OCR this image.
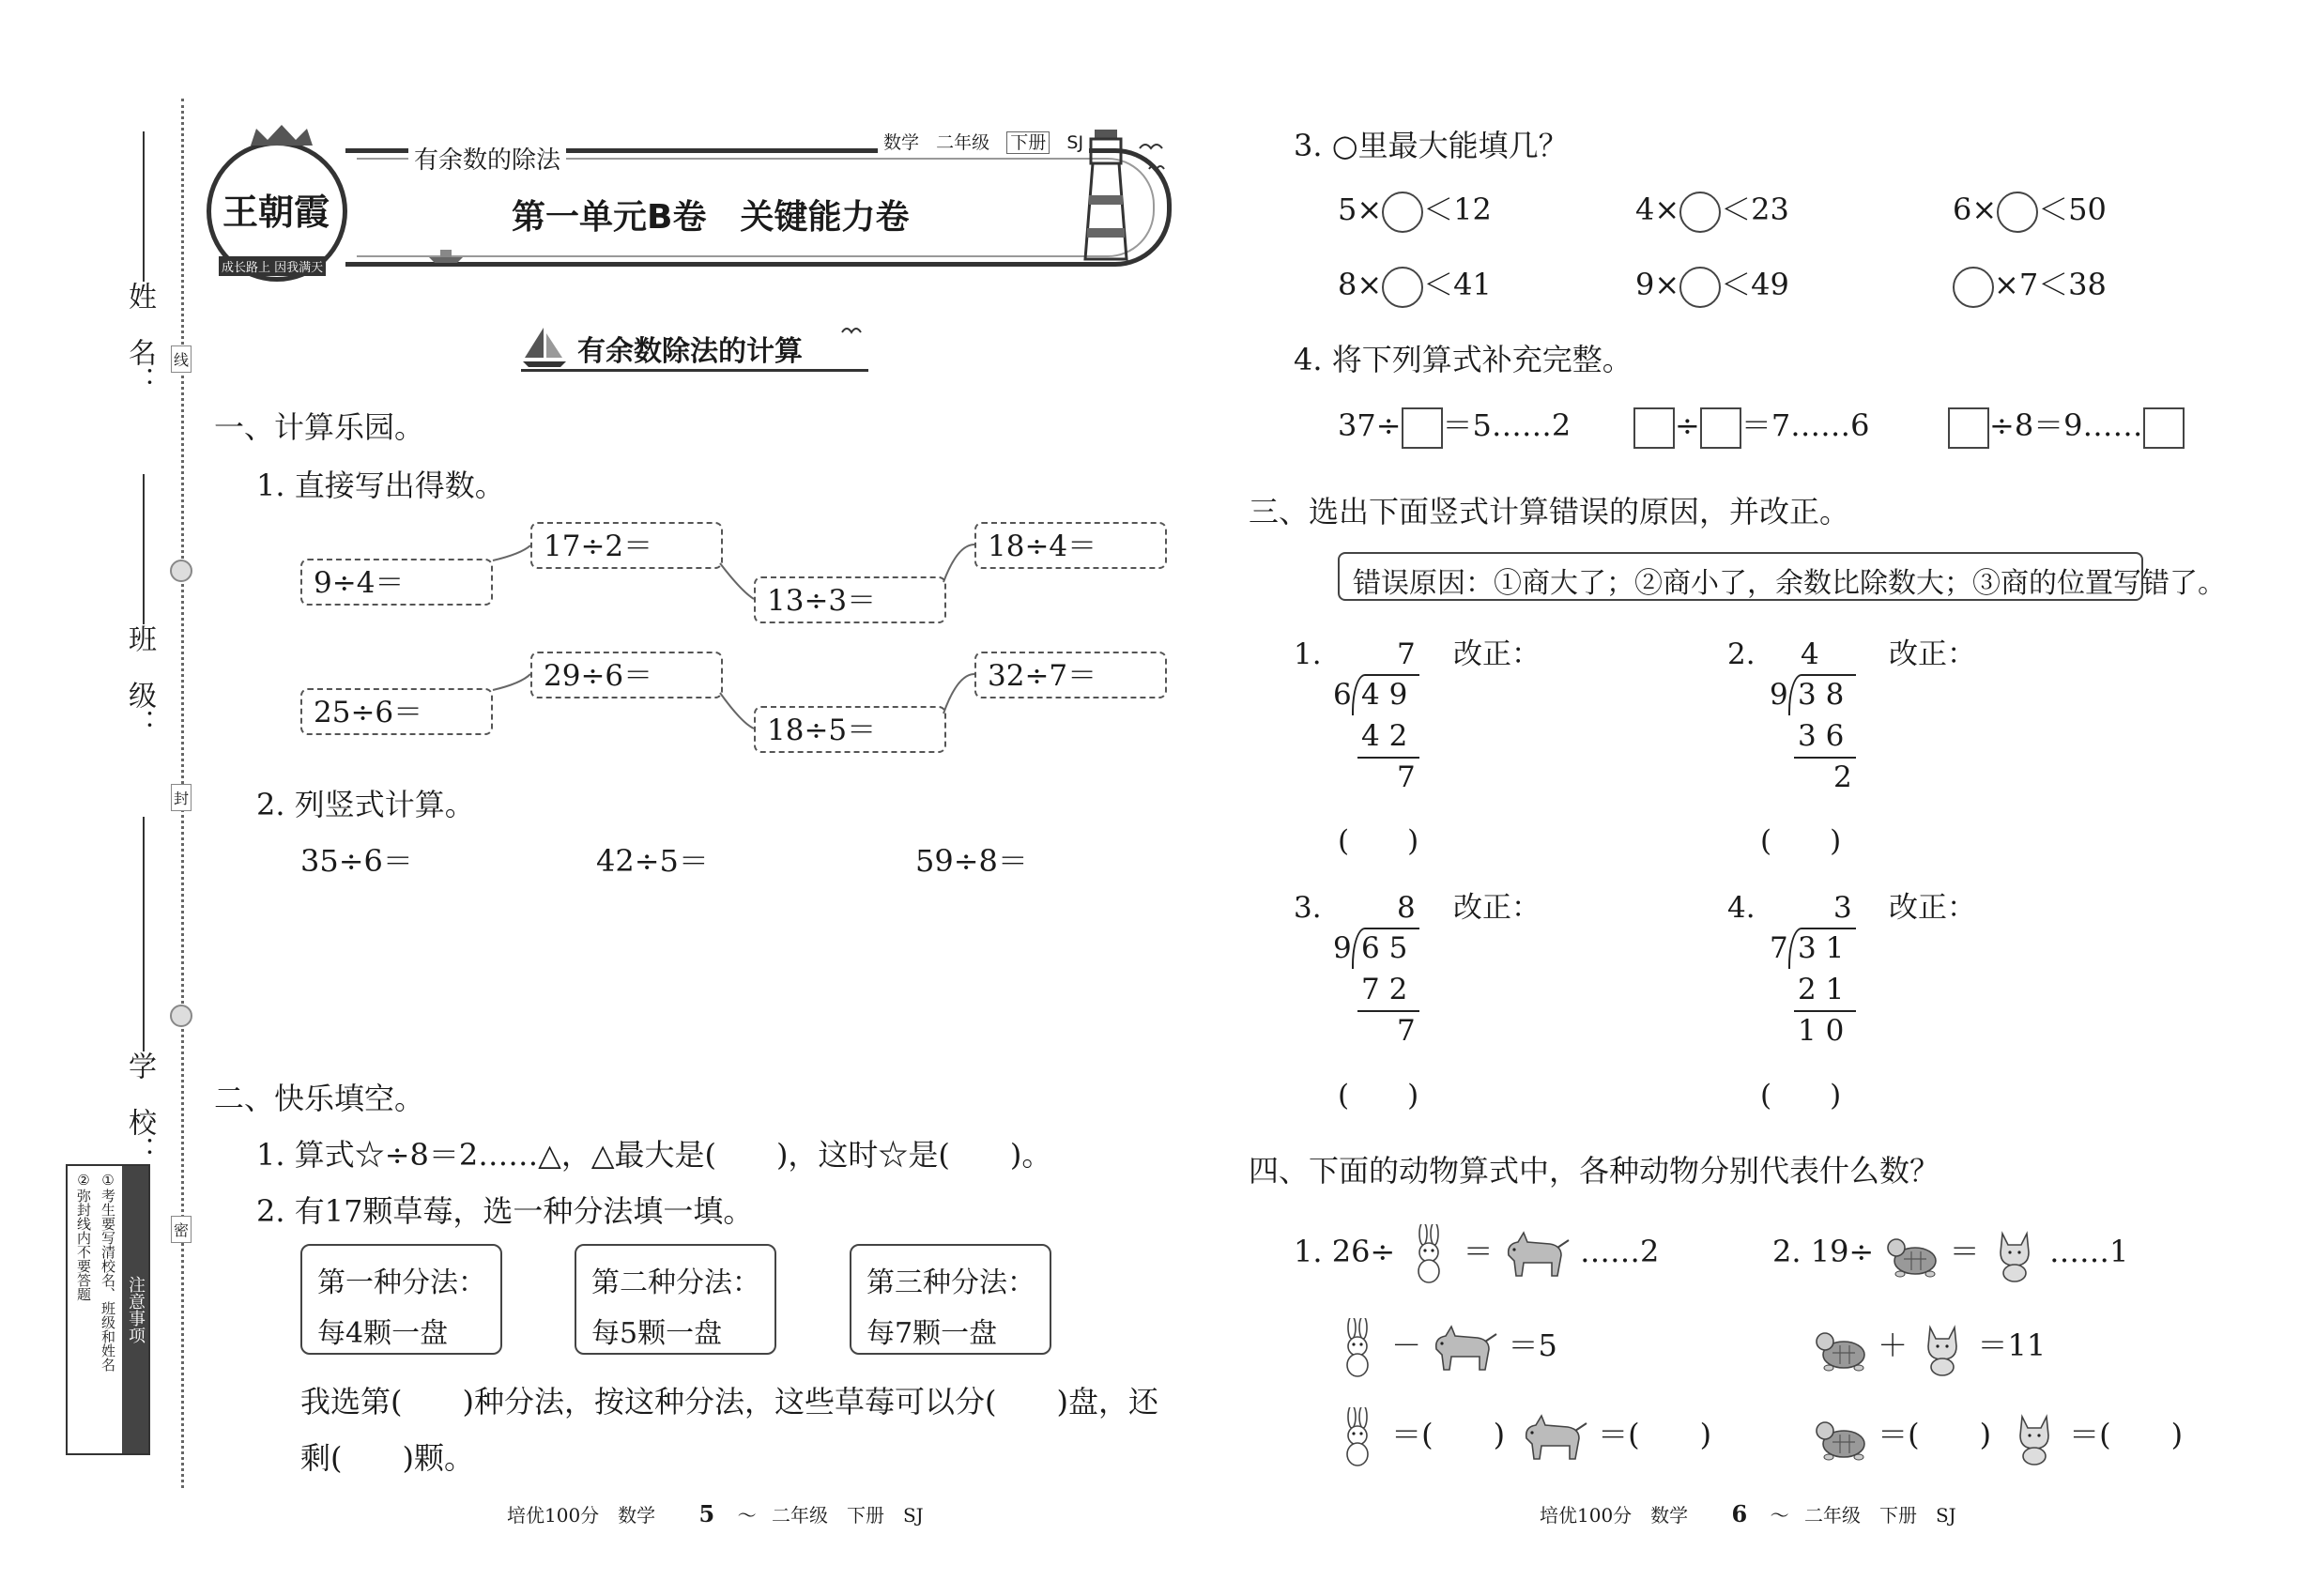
姓　名：
班　级：
学　校：
线
封
密
注意事项
①考生要写清校名、班级和姓名
②弥封线内不要答题
王朝霞
成长路上 因我满天
有余数的除法
数学 二年级 下册 SJ
第一单元B卷　关键能力卷
有余数除法的计算
一、计算乐园。
1. 直接写出得数。
9÷4＝
17÷2＝
13÷3＝
18÷4＝
25÷6＝
29÷6＝
18÷5＝
32÷7＝
2. 列竖式计算。
35÷6＝	42÷5＝	59÷8＝
二、快乐填空。
1. 算式☆÷8＝2……△，△最大是(　　)，这时☆是(　　)。
2. 有17颗草莓，选一种分法填一填。
第一种分法：
每4颗一盘
第二种分法：
每5颗一盘
第三种分法：
每7颗一盘
我选第(　　)种分法，按这种分法，这些草莓可以分(　　)盘，还
剩(　　)颗。
培优100分　数学 5 〜 二年级　下册　SJ
3. ○里最大能填几？
5× ＜12	4× ＜23	6× ＜50
8× ＜41	9× ＜49	×7＜38
4. 将下列算式补充完整。
37÷ ＝5……2	÷ ＝7……6	÷8＝9……
三、选出下面竖式计算错误的原因，并改正。
错误原因：①商大了；②商小了，余数比除数大；③商的位置写错了。
1.	7 改正：
6 4 9
4 2
7
(　　)
2. 4 改正：
9 3 8
3 6
2
(　　)
3.	8 改正：
9 6 5
7 2
7
(　　)
4.	3 改正：
7 3 1
2 1
1 0
(　　)
四、下面的动物算式中，各种动物分别代表什么数？
1. 26÷ ＝	……2	2. 19÷	＝ ……1
－	＝5	＋ ＝11
＝(　　)	＝(　　)	＝(　　)	＝(　　)
培优100分　数学 6 〜 二年级　下册　SJ
